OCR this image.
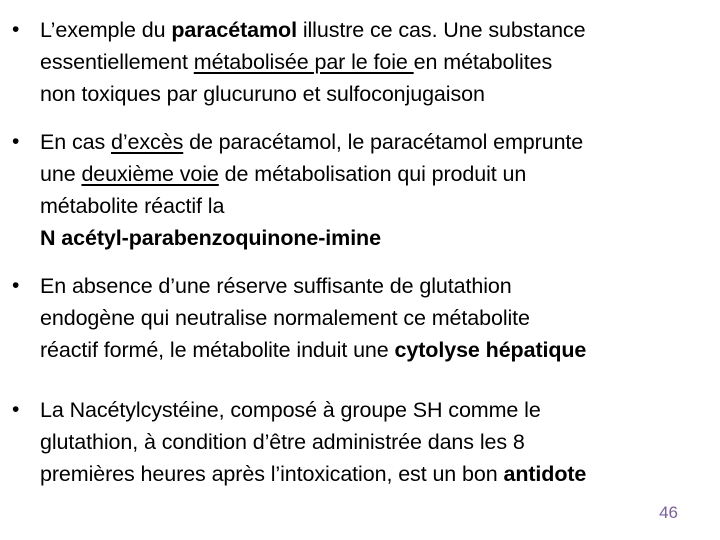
• L’exemple du paracétamol illustre ce cas. Une substance
essentiellement métabolisée par le foie en métabolites
non toxiques par glucuruno et sulfoconjugaison
• En cas d’excès de paracétamol, le paracétamol emprunte
une deuxième voie de métabolisation qui produit un
métabolite réactif la
N acétyl-parabenzoquinone-imine
• En absence d’une réserve suffisante de glutathion
endogène qui neutralise normalement ce métabolite
réactif formé, le métabolite induit une cytolyse hépatique
• La Nacétylcystéine, composé à groupe SH comme le
glutathion, à condition d’être administrée dans les 8
premières heures après l’intoxication, est un bon antidote
46
